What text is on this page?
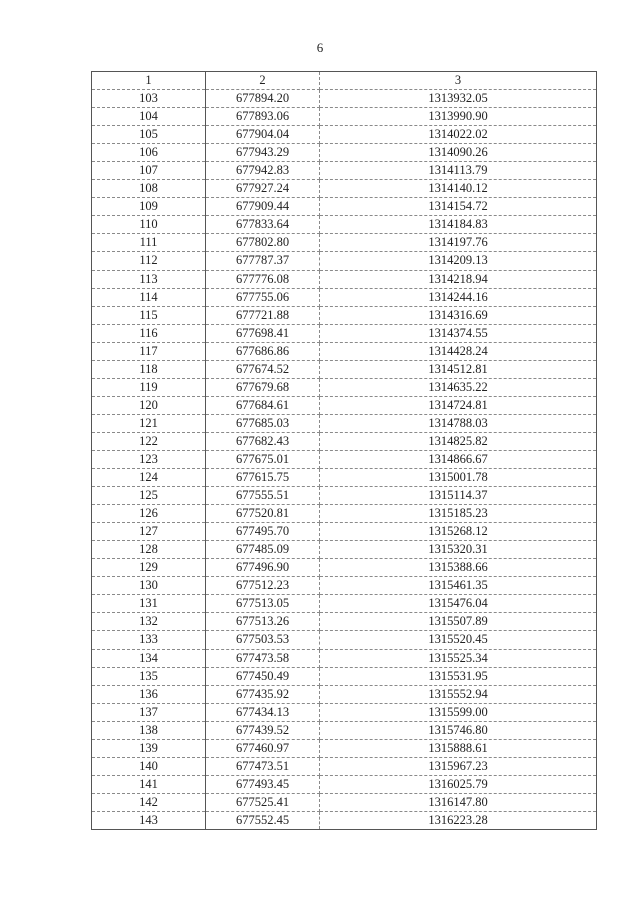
6
1	2	3
103	677894.20	1313932.05
104	677893.06	1313990.90
105	677904.04	1314022.02
106	677943.29	1314090.26
107	677942.83	1314113.79
108	677927.24	1314140.12
109	677909.44	1314154.72
110	677833.64	1314184.83
111	677802.80	1314197.76
112	677787.37	1314209.13
113	677776.08	1314218.94
114	677755.06	1314244.16
115	677721.88	1314316.69
116	677698.41	1314374.55
117	677686.86	1314428.24
118	677674.52	1314512.81
119	677679.68	1314635.22
120	677684.61	1314724.81
121	677685.03	1314788.03
122	677682.43	1314825.82
123	677675.01	1314866.67
124	677615.75	1315001.78
125	677555.51	1315114.37
126	677520.81	1315185.23
127	677495.70	1315268.12
128	677485.09	1315320.31
129	677496.90	1315388.66
130	677512.23	1315461.35
131	677513.05	1315476.04
132	677513.26	1315507.89
133	677503.53	1315520.45
134	677473.58	1315525.34
135	677450.49	1315531.95
136	677435.92	1315552.94
137	677434.13	1315599.00
138	677439.52	1315746.80
139	677460.97	1315888.61
140	677473.51	1315967.23
141	677493.45	1316025.79
142	677525.41	1316147.80
143	677552.45	1316223.28
